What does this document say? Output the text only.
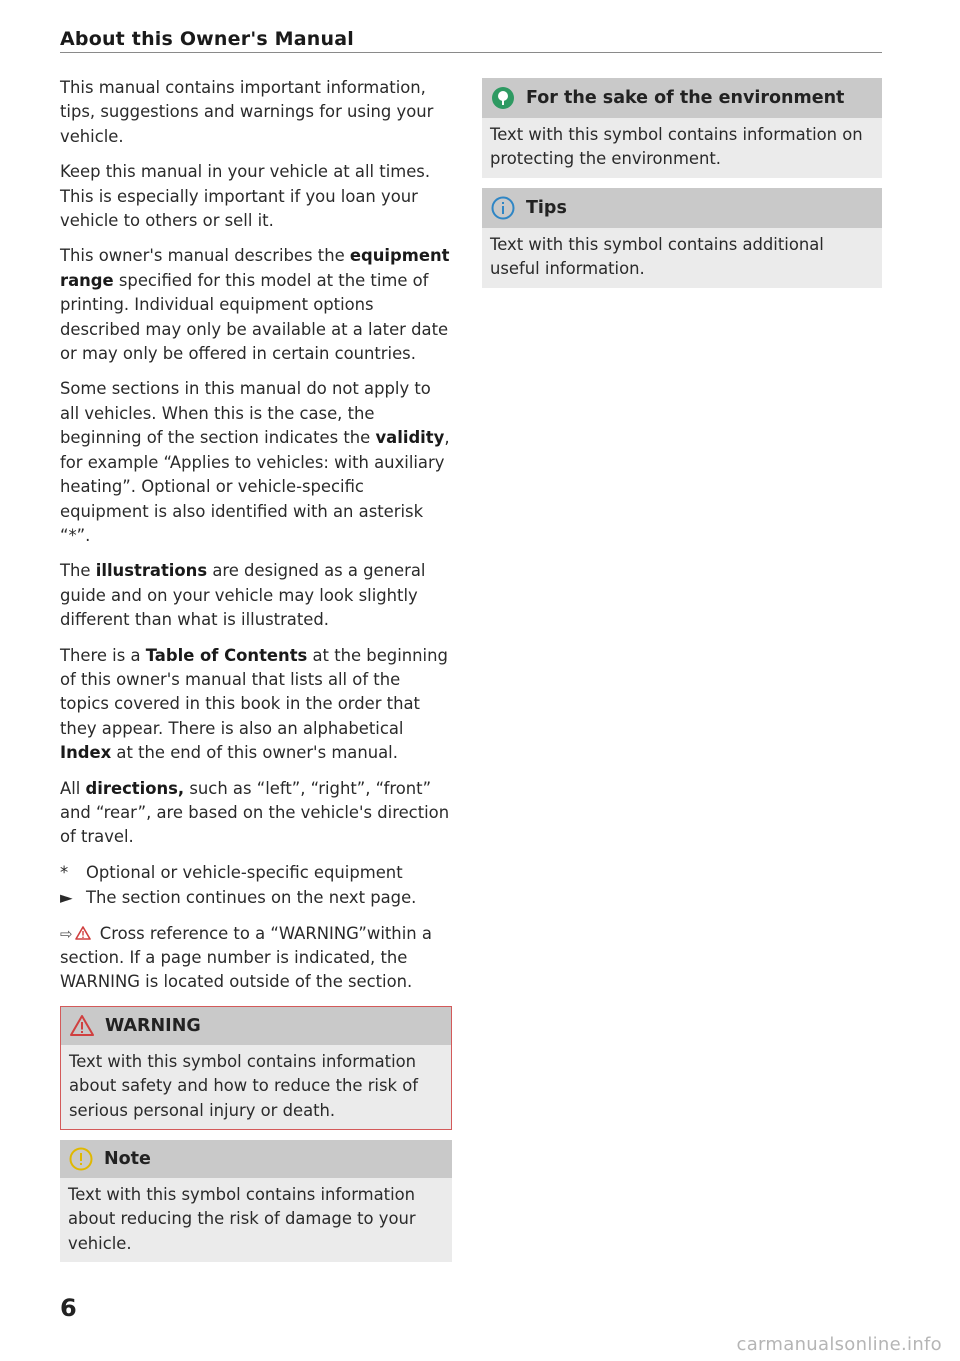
About this Owner's Manual

This manual contains important information, tips, suggestions and warnings for using your vehicle.

Keep this manual in your vehicle at all times. This is especially important if you loan your vehicle to others or sell it.

This owner's manual describes the equipment range specified for this model at the time of printing. Individual equipment options described may only be available at a later date or may only be offered in certain countries.

Some sections in this manual do not apply to all vehicles. When this is the case, the beginning of the section indicates the validity, for example “Applies to vehicles: with auxiliary heating”. Optional or vehicle-specific equipment is also identified with an asterisk “*”.

The illustrations are designed as a general guide and on your vehicle may look slightly different than what is illustrated.

There is a Table of Contents at the beginning of this owner's manual that lists all of the topics covered in this book in the order that they appear. There is also an alphabetical Index at the end of this owner's manual.

All directions, such as “left”, “right”, “front” and “rear”, are based on the vehicle's direction of travel.

*	Optional or vehicle-specific equipment
► The section continues on the next page.

⇨ Cross reference to a “WARNING”within a section. If a page number is indicated, the WARNING is located outside of the section.

WARNING
Text with this symbol contains information about safety and how to reduce the risk of serious personal injury or death.
Note
Text with this symbol contains information about reducing the risk of damage to your vehicle.
For the sake of the environment
Text with this symbol contains information on protecting the environment.
Tips
Text with this symbol contains additional useful information.
6
carmanualsonline.info
